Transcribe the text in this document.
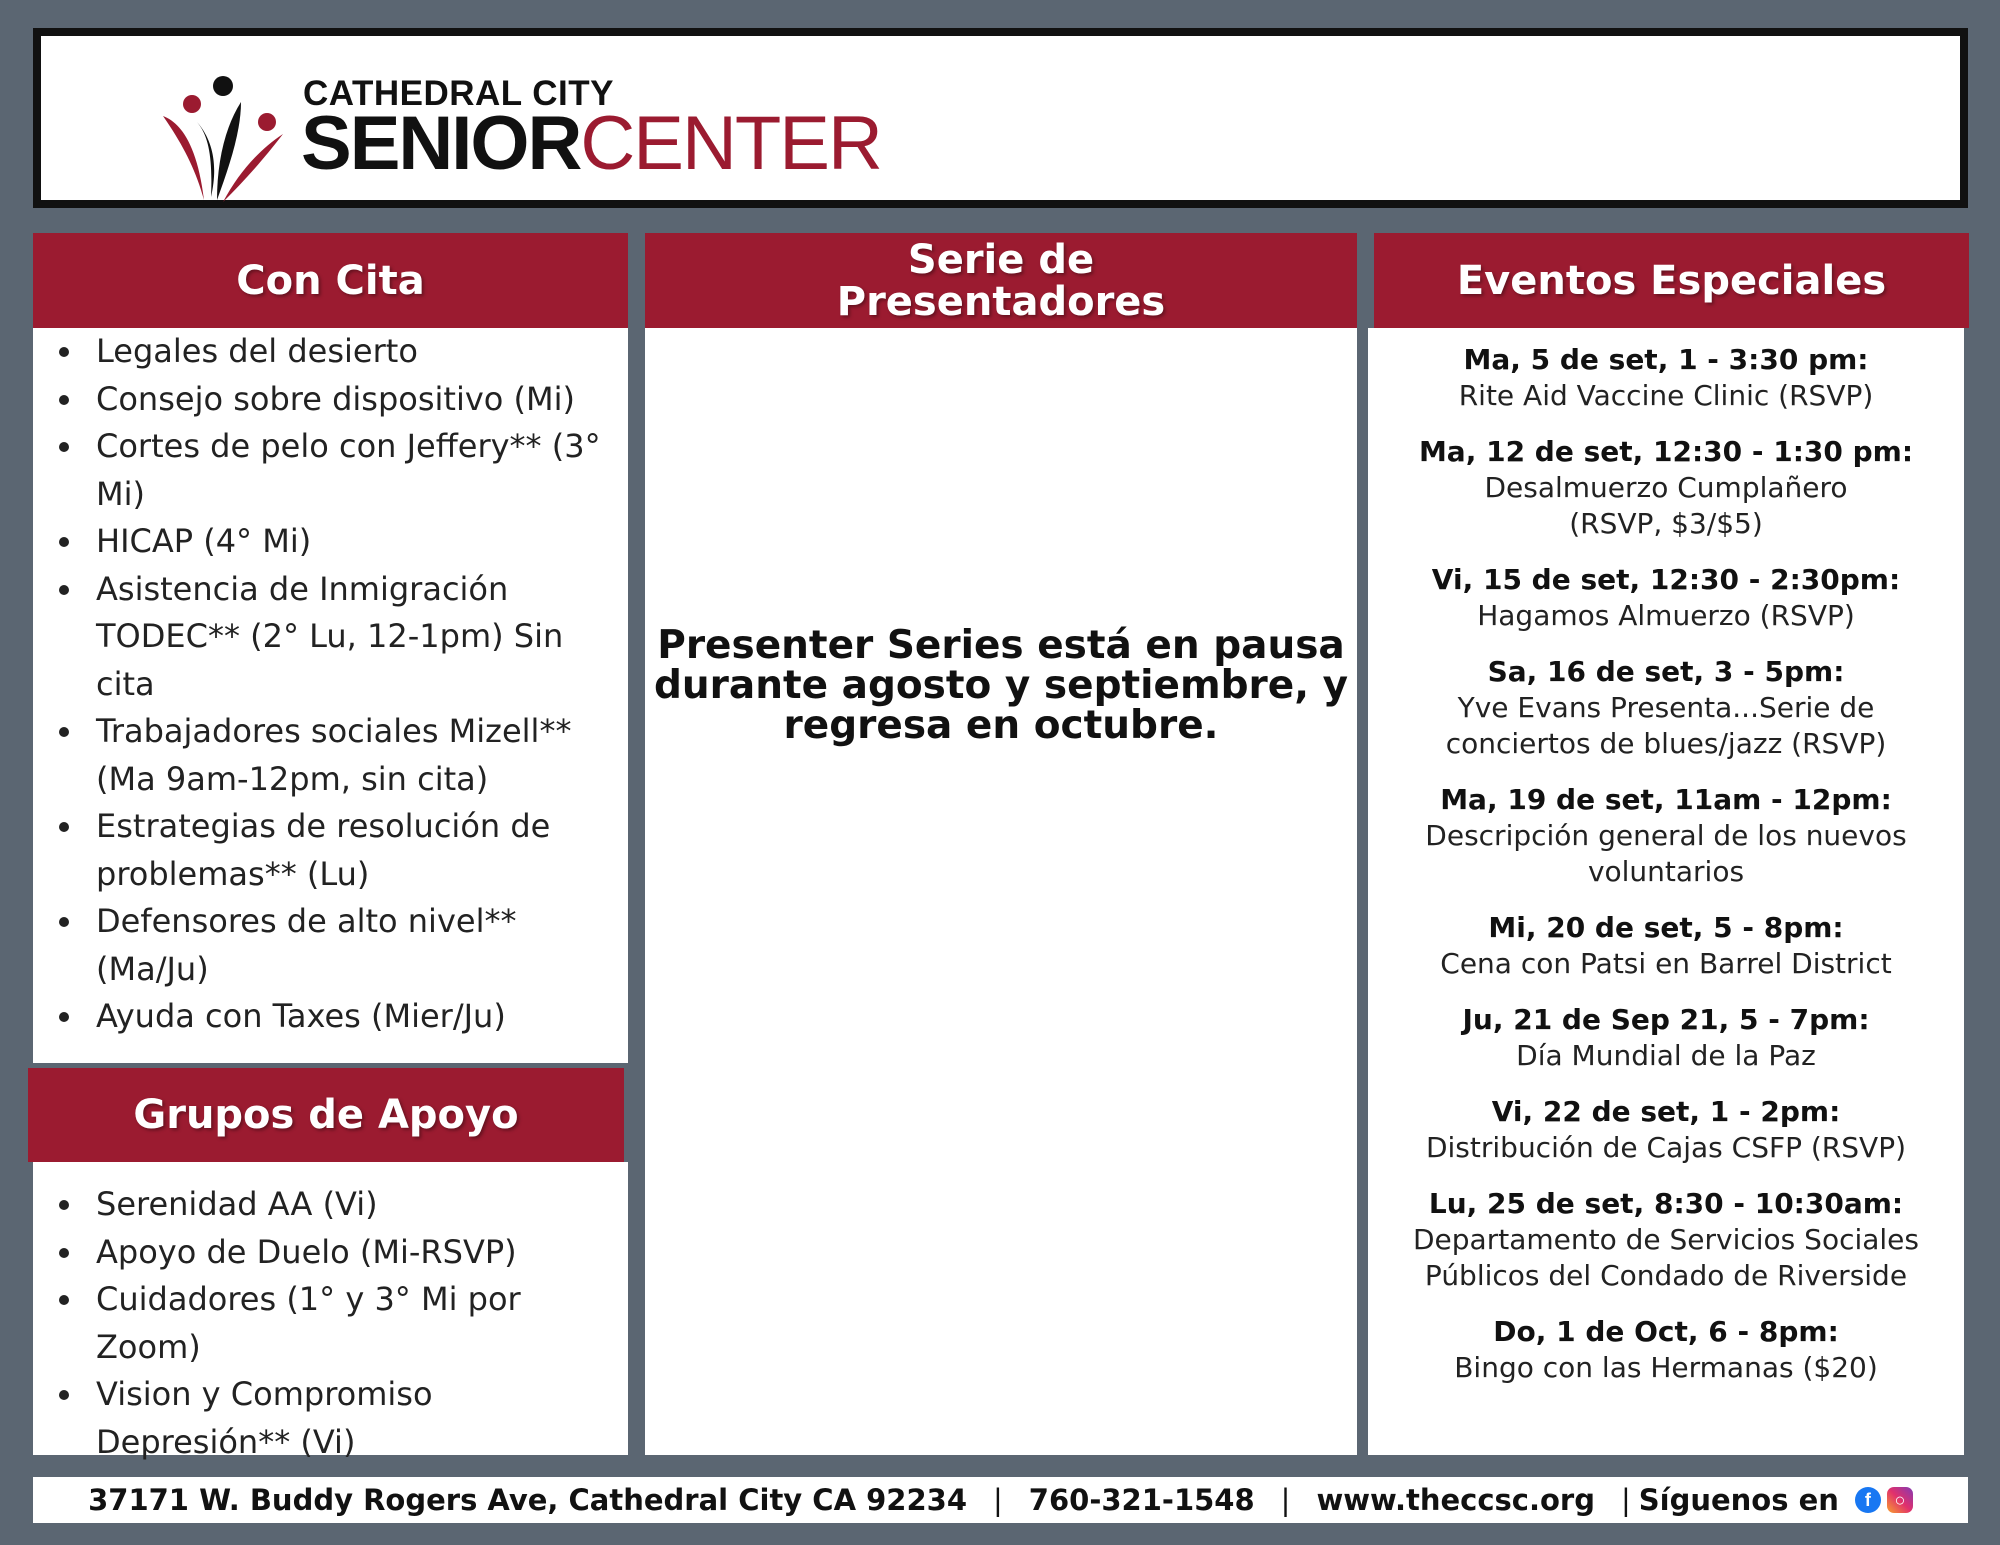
CATHEDRAL CITY

SENIORCENTER

Con Cita
• Legales del desierto
• Consejo sobre dispositivo (Mi)
• Cortes de pelo con Jeffery** (3° Mi)
• HICAP (4° Mi)
• Asistencia de Inmigración TODEC** (2° Lu, 12-1pm) Sin cita
• Trabajadores sociales Mizell** (Ma 9am-12pm, sin cita)
• Estrategias de resolución de problemas** (Lu)
• Defensores de alto nivel** (Ma/Ju)
• Ayuda con Taxes (Mier/Ju)
Grupos de Apoyo
• Serenidad AA (Vi)
• Apoyo de Duelo (Mi-RSVP)
• Cuidadores (1° y 3° Mi por Zoom)
• Vision y Compromiso Depresión** (Vi)
Serie de
Presentadores
Presenter Series está en pausa
durante agosto y septiembre, y
regresa en octubre.
Eventos Especiales
Ma, 5 de set, 1 - 3:30 pm:
Rite Aid Vaccine Clinic (RSVP)
Ma, 12 de set, 12:30 - 1:30 pm:
Desalmuerzo Cumplañero
(RSVP, $3/$5)
Vi, 15 de set, 12:30 - 2:30pm:
Hagamos Almuerzo (RSVP)
Sa, 16 de set, 3 - 5pm:
Yve Evans Presenta...Serie de
conciertos de blues/jazz (RSVP)
Ma, 19 de set, 11am - 12pm:
Descripción general de los nuevos
voluntarios
Mi, 20 de set, 5 - 8pm:
Cena con Patsi en Barrel District
Ju, 21 de Sep 21, 5 - 7pm:
Día Mundial de la Paz
Vi, 22 de set, 1 - 2pm:
Distribución de Cajas CSFP (RSVP)
Lu, 25 de set, 8:30 - 10:30am:
Departamento de Servicios Sociales
Públicos del Condado de Riverside
Do, 1 de Oct, 6 - 8pm:
Bingo con las Hermanas ($20)
37171 W. Buddy Rogers Ave, Cathedral City CA 92234 | 760-321-1548 | www.theccsc.org | Síguenos en	f	○
